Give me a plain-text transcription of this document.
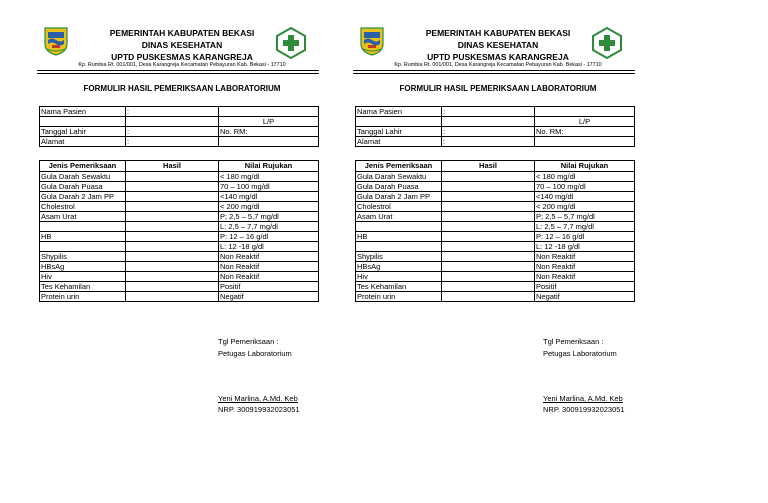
PEMERINTAH KABUPATEN BEKASI
DINAS KESEHATAN
UPTD PUSKESMAS KARANGREJA
Kp. Rumbia Rt. 001/001, Desa Karangreja Kecamatan Pebayuran Kab. Bekasi - 17710
FORMULIR HASIL PEMERIKSAAN LABORATORIUM
Nama Pasien	:	
		L/P
Tanggal Lahir	:	No. RM:
Alamat	:	
Jenis Pemeriksaan	Hasil	Nilai Rujukan
Gula Darah Sewaktu		< 180 mg/dl
Gula Darah Puasa		70 – 100 mg/dl
Gula Darah 2 Jam PP		<140 mg/dl
Cholestrol		< 200 mg/dl
Asam Urat		P; 2,5 – 5,7 mg/dl
		L: 2,5 – 7,7 mg/dl
HB		P: 12 – 16 g/dl
		L: 12 -18 g/dl
Shypilis		Non Reaktif
HBsAg		Non Reaktif
Hiv		Non Reaktif
Tes Kehamilan		Positif
Protein urin		Negatif
Tgl Pemeriksaan :
Petugas Laboratorium
Yeni Marlina, A.Md. Keb
NRP. 300919932023051
PEMERINTAH KABUPATEN BEKASI
DINAS KESEHATAN
UPTD PUSKESMAS KARANGREJA
Kp. Rumbia Rt. 001/001, Desa Karangreja Kecamatan Pebayuran Kab. Bekasi - 17710
FORMULIR HASIL PEMERIKSAAN LABORATORIUM
Nama Pasien	:	
		L/P
Tanggal Lahir	:	No. RM:
Alamat	:	
Jenis Pemeriksaan	Hasil	Nilai Rujukan
Gula Darah Sewaktu		< 180 mg/dl
Gula Darah Puasa		70 – 100 mg/dl
Gula Darah 2 Jam PP		<140 mg/dl
Cholestrol		< 200 mg/dl
Asam Urat		P; 2,5 – 5,7 mg/dl
		L: 2,5 – 7,7 mg/dl
HB		P: 12 – 16 g/dl
		L: 12 -18 g/dl
Shypilis		Non Reaktif
HBsAg		Non Reaktif
Hiv		Non Reaktif
Tes Kehamilan		Positif
Protein urin		Negatif
Tgl Pemeriksaan :
Petugas Laboratorium
Yeni Marlina, A.Md. Keb
NRP. 300919932023051
